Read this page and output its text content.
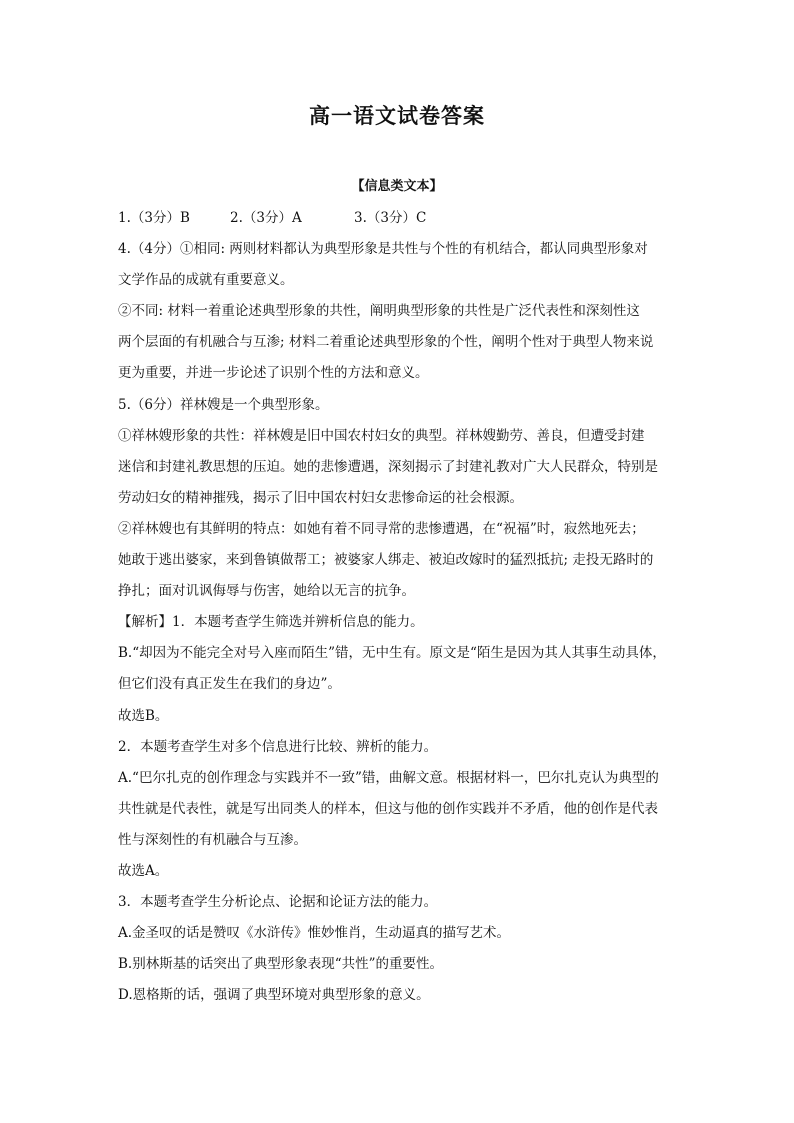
高一语文试卷答案
【信息类文本】
1.（3分）B	2.（3分）A	3.（3分）C
4.（4分）①相同: 两则材料都认为典型形象是共性与个性的有机结合，都认同典型形象对
文学作品的成就有重要意义。
②不同: 材料一着重论述典型形象的共性，阐明典型形象的共性是广泛代表性和深刻性这
两个层面的有机融合与互渗; 材料二着重论述典型形象的个性，阐明个性对于典型人物来说
更为重要，并进一步论述了识别个性的方法和意义。
5.（6分）祥林嫂是一个典型形象。
①祥林嫂形象的共性：祥林嫂是旧中国农村妇女的典型。祥林嫂勤劳、善良，但遭受封建
迷信和封建礼教思想的压迫。她的悲惨遭遇，深刻揭示了封建礼教对广大人民群众，特别是
劳动妇女的精神摧残，揭示了旧中国农村妇女悲惨命运的社会根源。
②祥林嫂也有其鲜明的特点：如她有着不同寻常的悲惨遭遇，在“祝福”时，寂然地死去；
她敢于逃出婆家，来到鲁镇做帮工；被婆家人绑走、被迫改嫁时的猛烈抵抗; 走投无路时的
挣扎；面对讥讽侮辱与伤害，她给以无言的抗争。
【解析】1．本题考查学生筛选并辨析信息的能力。
B.“却因为不能完全对号入座而陌生”错，无中生有。原文是“陌生是因为其人其事生动具体，
但它们没有真正发生在我们的身边”。
故选B。
2．本题考查学生对多个信息进行比较、辨析的能力。
A.“巴尔扎克的创作理念与实践并不一致”错，曲解文意。根据材料一，巴尔扎克认为典型的
共性就是代表性，就是写出同类人的样本，但这与他的创作实践并不矛盾，他的创作是代表
性与深刻性的有机融合与互渗。
故选A。
3．本题考查学生分析论点、论据和论证方法的能力。
A.金圣叹的话是赞叹《水浒传》惟妙惟肖，生动逼真的描写艺术。
B.别林斯基的话突出了典型形象表现“共性”的重要性。
D.恩格斯的话，强调了典型环境对典型形象的意义。
